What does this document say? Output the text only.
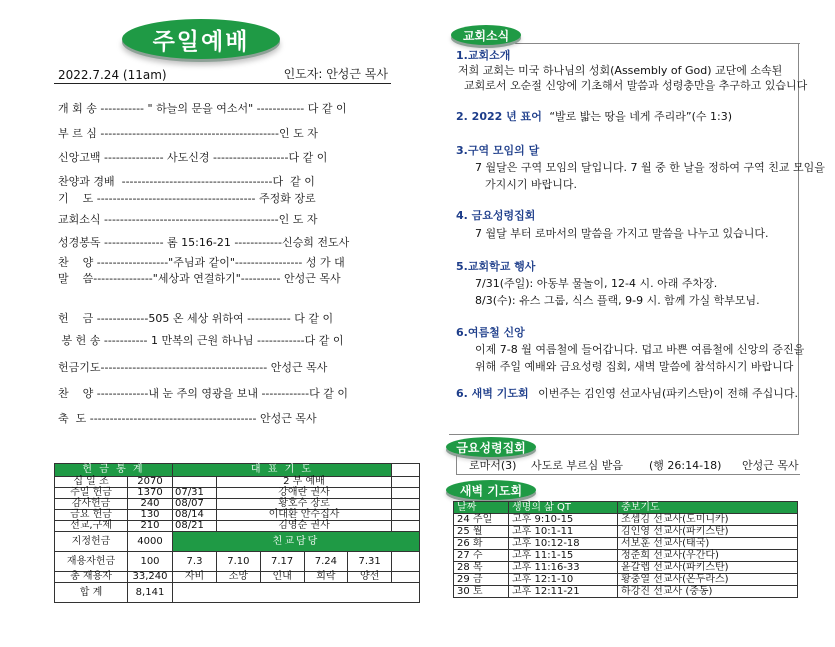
주일예배
2022.7.24 (11am)	인도자: 안성근 목사
개 회 송 ----------- " 하늘의 문을 여소서" ------------ 다 같 이
부 르 심 ---------------------------------------------인 도 자
신앙고백 --------------- 사도신경 -------------------다 같 이
찬양과 경배  --------------------------------------다  같 이
기    도 ---------------------------------------- 주정화 장로
교회소식 --------------------------------------------인 도 자
성경봉독 --------------- 롬 15:16-21 ------------신승희 전도사
찬    양 ------------------"주님과 같이"----------------- 성 가 대
말    씀---------------"세상과 연결하기"---------- 안성근 목사
헌    금 -------------505 온 세상 위하여 ----------- 다 같 이
봉 헌 송 ----------- 1 만복의 근원 하나님 ------------다 같 이
헌금기도------------------------------------------ 안성근 목사
찬    양 -------------내 눈 주의 영광을 보내 ------------다 같 이
축  도 ------------------------------------------ 안성근 목사
헌 금 통 계		대 표 기 도					
십 일 조	2070		2 부 예배				
주일 헌금	1370	07/31	강애란 권사				
감사헌금	240	08/07	황호수 장로				
금요 헌금	130	08/14	이대환 안수집사				
선교,구제	210	08/21	김영순 권사				
지정헌금	4000	친교담당					
재용자헌금	100	7.3	7.10	7.17	7.24	7.31	
총 재용자	33,240	자비	소망	인내	희락	양선	
합 계	8,141						
교회소식
1.교회소개
저희 교회는 미국 하나님의 성회(Assembly of God) 교단에 소속된
교회로서 오순절 신앙에 기초해서 말씀과 성령충만을 추구하고 있습니다
2. 2022 년 표어 “발로 밟는 땅을 네게 주리라”(수 1:3)
3.구역 모임의 달
7 월달은 구역 모임의 달입니다. 7 월 중 한 날을 정하여 구역 친교 모임을
가지시기 바랍니다.
4. 금요성령집회
7 월달 부터 로마서의 말씀을 가지고 말씀을 나누고 있습니다.
5.교회학교 행사
7/31(주일): 아동부 물놀이, 12-4 시. 아래 주차장.
8/3(수): 유스 그룹, 식스 플랙, 9-9 시. 함께 가실 학부모님.
6.여름철 신앙
이제 7-8 월 여름철에 들어갑니다. 덥고 바쁜 여름철에 신앙의 증진을
위해 주일 예배와 금요성령 집회, 새벽 말씀에 참석하시기 바랍니다
6. 새벽 기도회 이번주는 김인영 선교사님(파키스탄)이 전해 주십니다.
금요성령집회
로마서(3) 사도로 부르심 받음 (행 26:14-18) 안성근 목사
새벽 기도회
날짜	생명의 삶 QT	중보기도
24 주일	고후 9:10-15	조셉김 선교사(도미니카)
25 월	고후 10:1-11	김인영 선교사(파키스탄)
26 화	고후 10:12-18	서보훈 선교사(태국)
27 수	고후 11:1-15	정준희 선교사(우간다)
28 목	고후 11:16-33	윤갈렙 선교사(파키스탄)
29 금	고후 12:1-10	황충열 선교사(온두라스)
30 토	고후 12:11-21	하강진 선교사 (중동)
